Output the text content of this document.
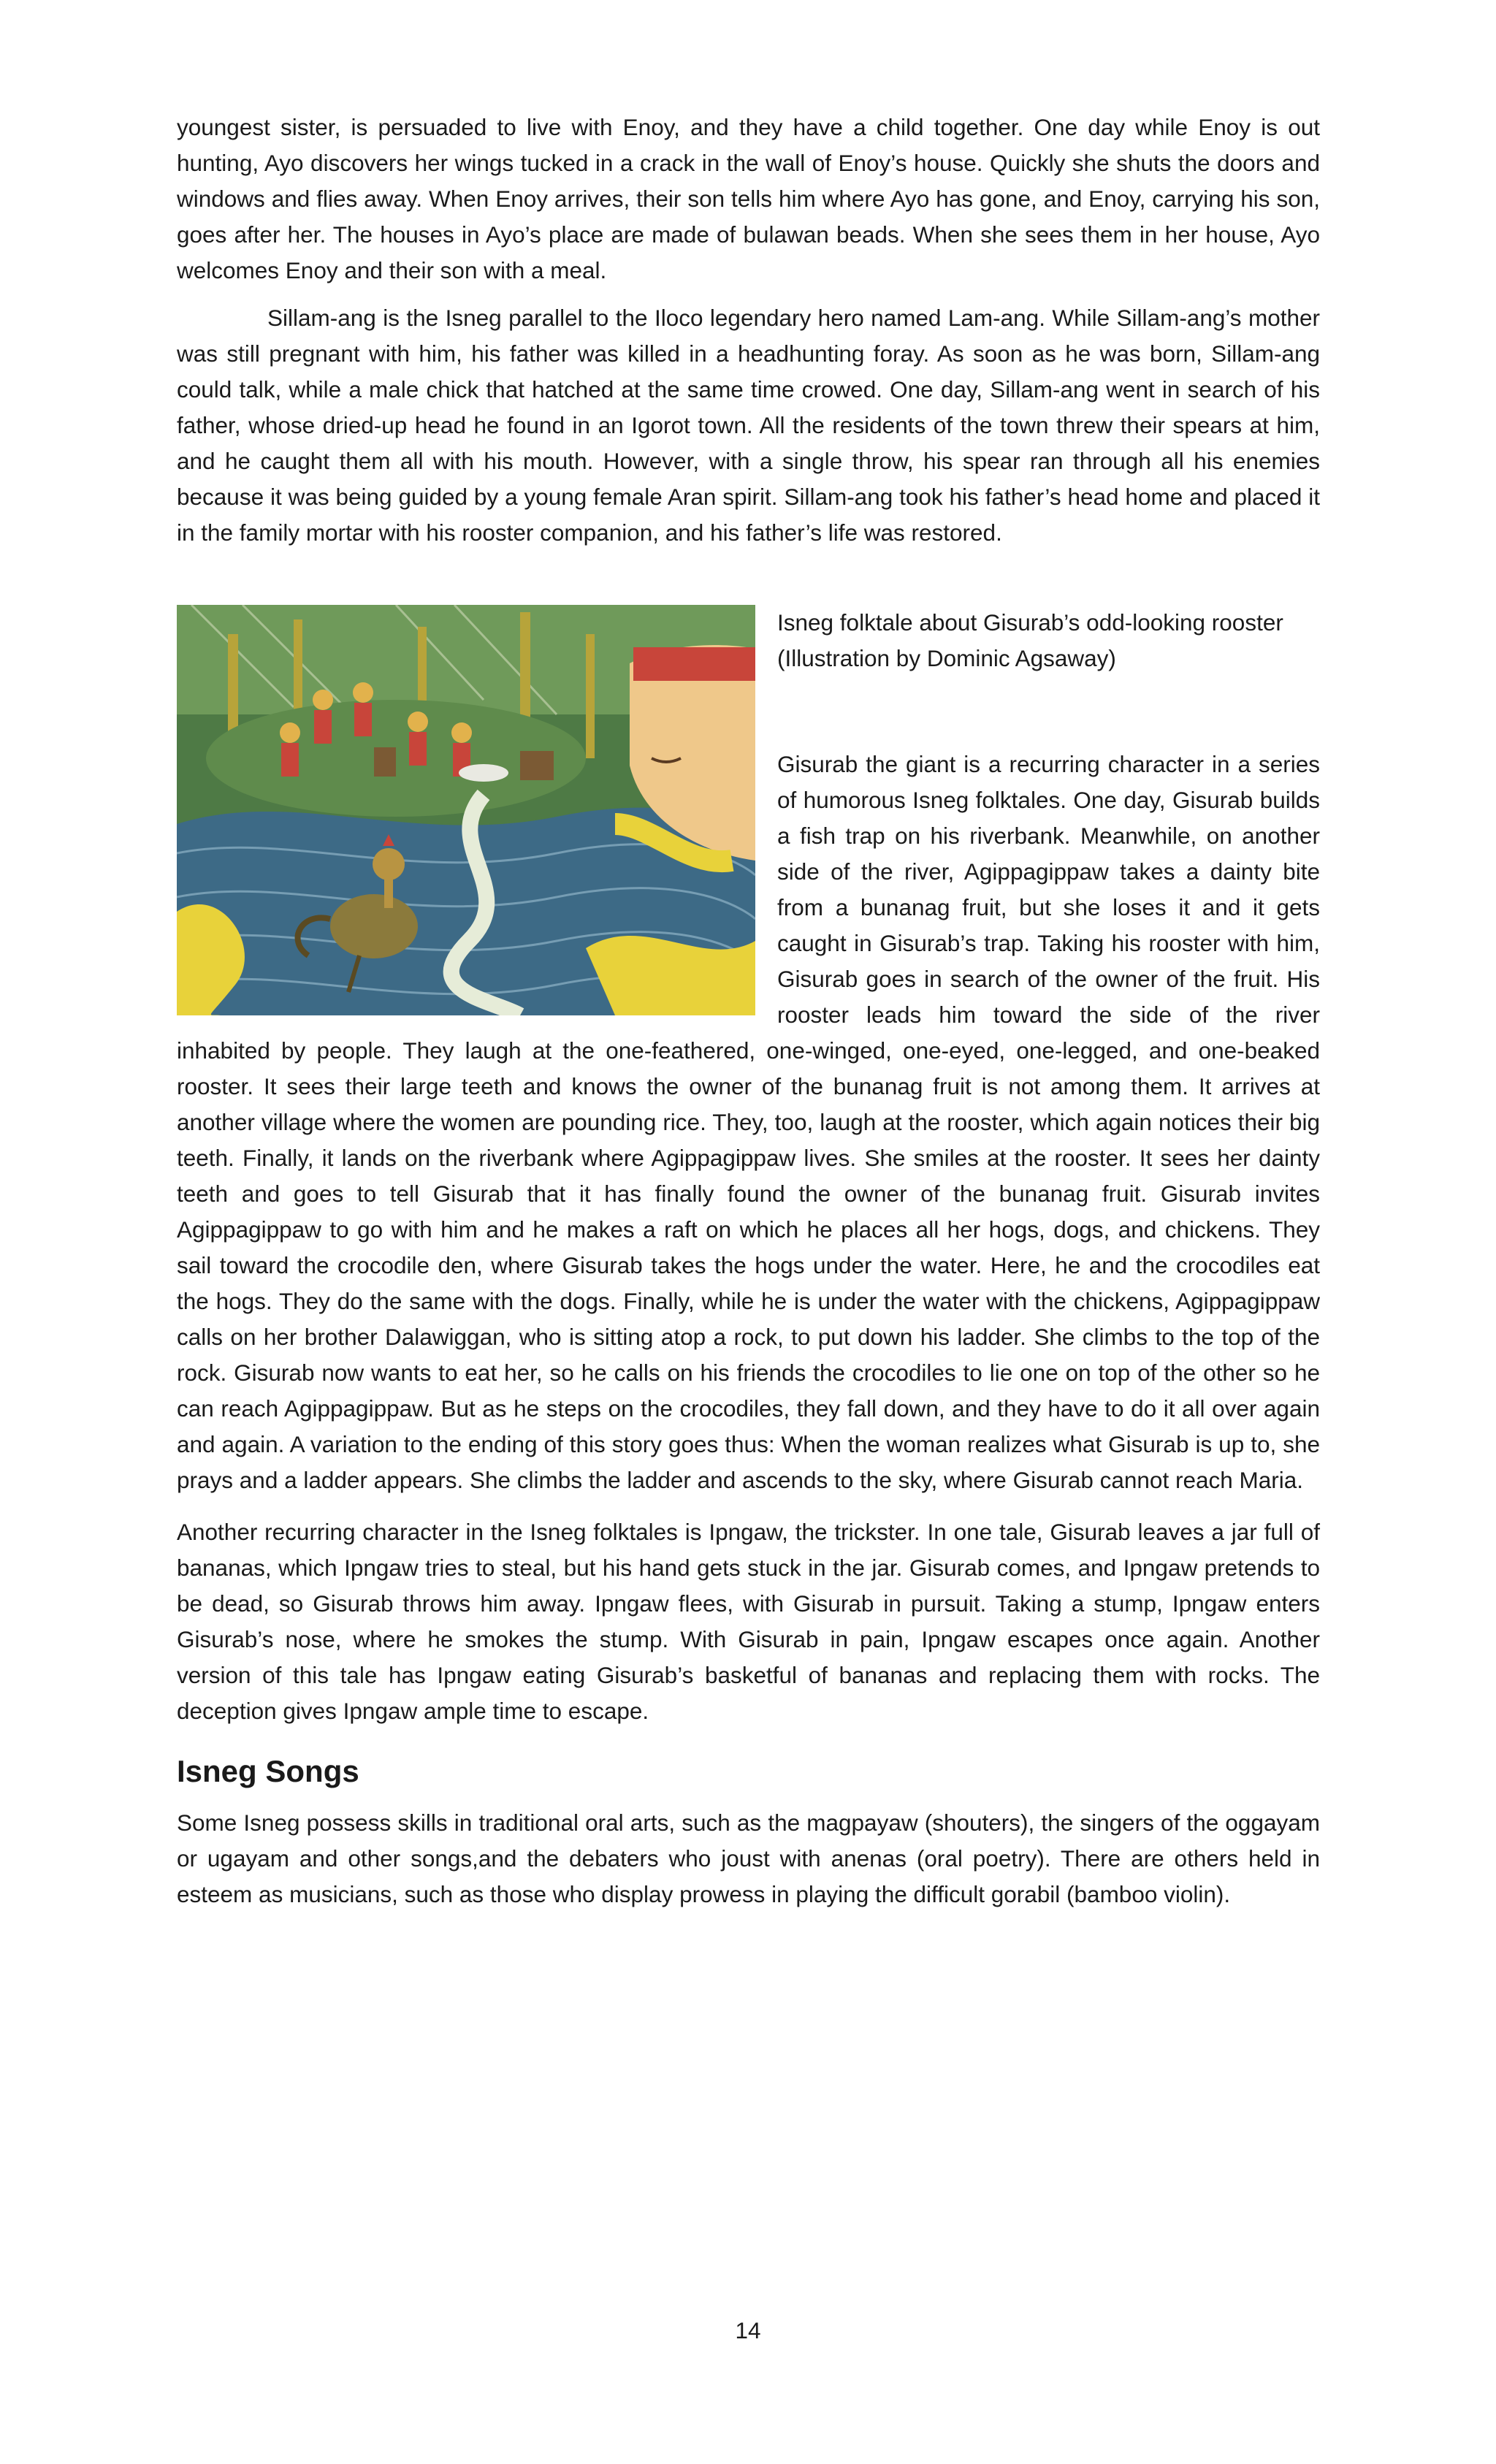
youngest sister, is persuaded to live with Enoy, and they have a child together. One day while Enoy is out hunting, Ayo discovers her wings tucked in a crack in the wall of Enoy’s house. Quickly she shuts the doors and windows and flies away. When Enoy arrives, their son tells him where Ayo has gone, and Enoy, carrying his son, goes after her. The houses in Ayo’s place are made of bulawan beads. When she sees them in her house, Ayo welcomes Enoy and their son with a meal.

Sillam-ang is the Isneg parallel to the Iloco legendary hero named Lam-ang. While Sillam-ang’s mother was still pregnant with him, his father was killed in a headhunting foray. As soon as he was born, Sillam-ang could talk, while a male chick that hatched at the same time crowed. One day, Sillam-ang went in search of his father, whose dried-up head he found in an Igorot town. All the residents of the town threw their spears at him, and he caught them all with his mouth. However, with a single throw, his spear ran through all his enemies because it was being guided by a young female Aran spirit. Sillam-ang took his father’s head home and placed it in the family mortar with his rooster companion, and his father’s life was restored.

Isneg folktale about Gisurab’s odd-looking rooster
(Illustration by Dominic Agsaway)

Gisurab the giant is a recurring character in a series of humorous Isneg folktales. One day, Gisurab builds a fish trap on his riverbank. Meanwhile, on another side of the river, Agippagippaw takes a dainty bite from a bunanag fruit, but she loses it and it gets caught in Gisurab’s trap. Taking his rooster with him, Gisurab goes in search of the owner of the fruit. His rooster leads him toward the side of the river inhabited by people. They laugh at the one-feathered, one-winged, one-eyed, one-legged, and one-beaked rooster. It sees their large teeth and knows the owner of the bunanag fruit is not among them. It arrives at another village where the women are pounding rice. They, too, laugh at the rooster, which again notices their big teeth. Finally, it lands on the riverbank where Agippagippaw lives. She smiles at the rooster. It sees her dainty teeth and goes to tell Gisurab that it has finally found the owner of the bunanag fruit. Gisurab invites Agippagippaw to go with him and he makes a raft on which he places all her hogs, dogs, and chickens. They sail toward the crocodile den, where Gisurab takes the hogs under the water. Here, he and the crocodiles eat the hogs. They do the same with the dogs. Finally, while he is under the water with the chickens, Agippagippaw calls on her brother Dalawiggan, who is sitting atop a rock, to put down his ladder. She climbs to the top of the rock. Gisurab now wants to eat her, so he calls on his friends the crocodiles to lie one on top of the other so he can reach Agippagippaw. But as he steps on the crocodiles, they fall down, and they have to do it all over again and again. A variation to the ending of this story goes thus: When the woman realizes what Gisurab is up to, she prays and a ladder appears. She climbs the ladder and ascends to the sky, where Gisurab cannot reach Maria.

Another recurring character in the Isneg folktales is Ipngaw, the trickster. In one tale, Gisurab leaves a jar full of bananas, which Ipngaw tries to steal, but his hand gets stuck in the jar. Gisurab comes, and Ipngaw pretends to be dead, so Gisurab throws him away. Ipngaw flees, with Gisurab in pursuit. Taking a stump, Ipngaw enters Gisurab’s nose, where he smokes the stump. With Gisurab in pain, Ipngaw escapes once again. Another version of this tale has Ipngaw eating Gisurab’s basketful of bananas and replacing them with rocks. The deception gives Ipngaw ample time to escape.

Isneg Songs

Some Isneg possess skills in traditional oral arts, such as the magpayaw (shouters), the singers of the oggayam or ugayam and other songs,and the debaters who joust with anenas (oral poetry). There are others held in esteem as musicians, such as those who display prowess in playing the difficult gorabil (bamboo violin).

14
